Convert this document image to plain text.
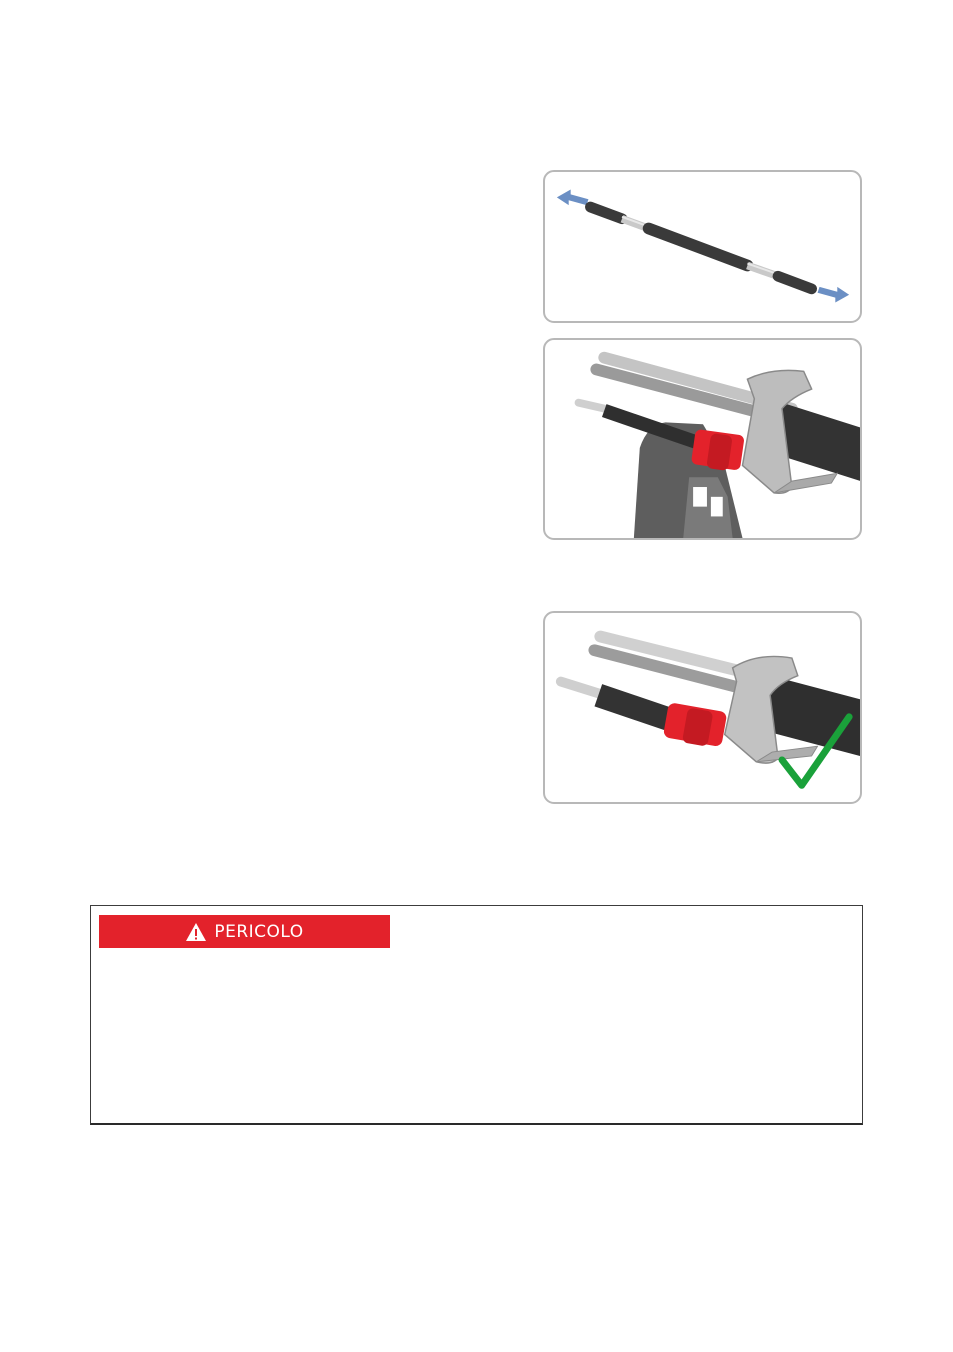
PERICOLO
